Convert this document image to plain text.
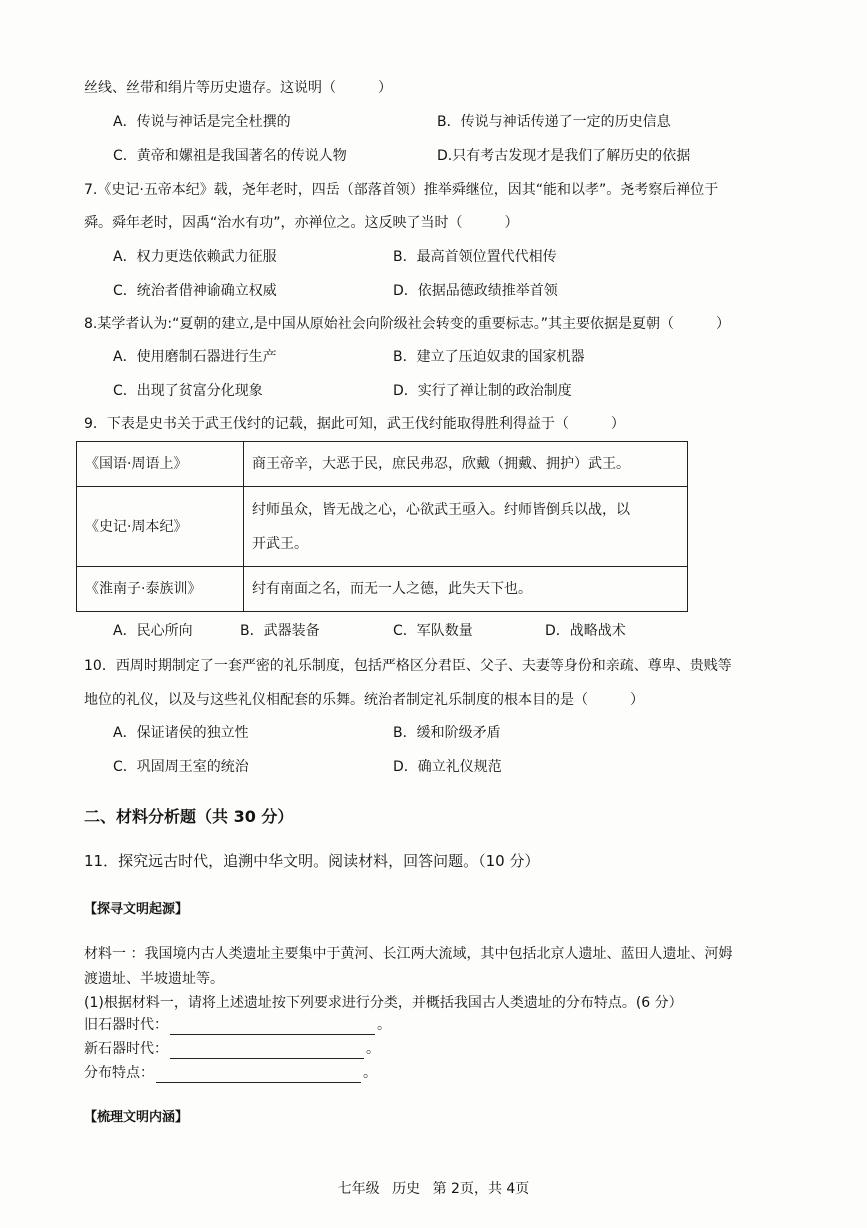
丝线、丝带和绢片等历史遗存。这说明（　　　）
A．传说与神话是完全杜撰的	B．传说与神话传递了一定的历史信息
C．黄帝和嫘祖是我国著名的传说人物	D.只有考古发现才是我们了解历史的依据
7.《史记·五帝本纪》载，尧年老时，四岳（部落首领）推举舜继位，因其“能和以孝”。尧考察后禅位于
舜。舜年老时，因禹“治水有功”，亦禅位之。这反映了当时（　　　）
A．权力更迭依赖武力征服	B．最高首领位置代代相传
C．统治者借神谕确立权威	D．依据品德政绩推举首领
8.某学者认为:“夏朝的建立,是中国从原始社会向阶级社会转变的重要标志。”其主要依据是夏朝（　　　）
A．使用磨制石器进行生产	B．建立了压迫奴隶的国家机器
C．出现了贫富分化现象	D．实行了禅让制的政治制度
9．下表是史书关于武王伐纣的记载，据此可知，武王伐纣能取得胜利得益于（　　　）
《国语·周语上》	商王帝辛，大恶于民，庶民弗忍，欣戴（拥戴、拥护）武王。
《史记·周本纪》	纣师虽众，皆无战之心，心欲武王亟入。纣师皆倒兵以战，以
开武王。
《淮南子·泰族训》	纣有南面之名，而无一人之德，此失天下也。
A．民心所向	B．武器装备	C．军队数量	D．战略战术
10．西周时期制定了一套严密的礼乐制度，包括严格区分君臣、父子、夫妻等身份和亲疏、尊卑、贵贱等
地位的礼仪，以及与这些礼仪相配套的乐舞。统治者制定礼乐制度的根本目的是（　　　）
A．保证诸侯的独立性	B．缓和阶级矛盾
C．巩固周王室的统治	D．确立礼仪规范
二、材料分析题（共 30 分）
11．探究远古时代，追溯中华文明。阅读材料，回答问题。（10 分）
【探寻文明起源】
材料一 ：我国境内古人类遗址主要集中于黄河、长江两大流域，其中包括北京人遗址、蓝田人遗址、河姆
渡遗址、半坡遗址等。
(1)根据材料一，请将上述遗址按下列要求进行分类，并概括我国古人类遗址的分布特点。(6 分）
旧石器时代：	。
新石器时代：	。
分布特点：	。
【梳理文明内涵】
七年级 历史 第 2页，共 4页
